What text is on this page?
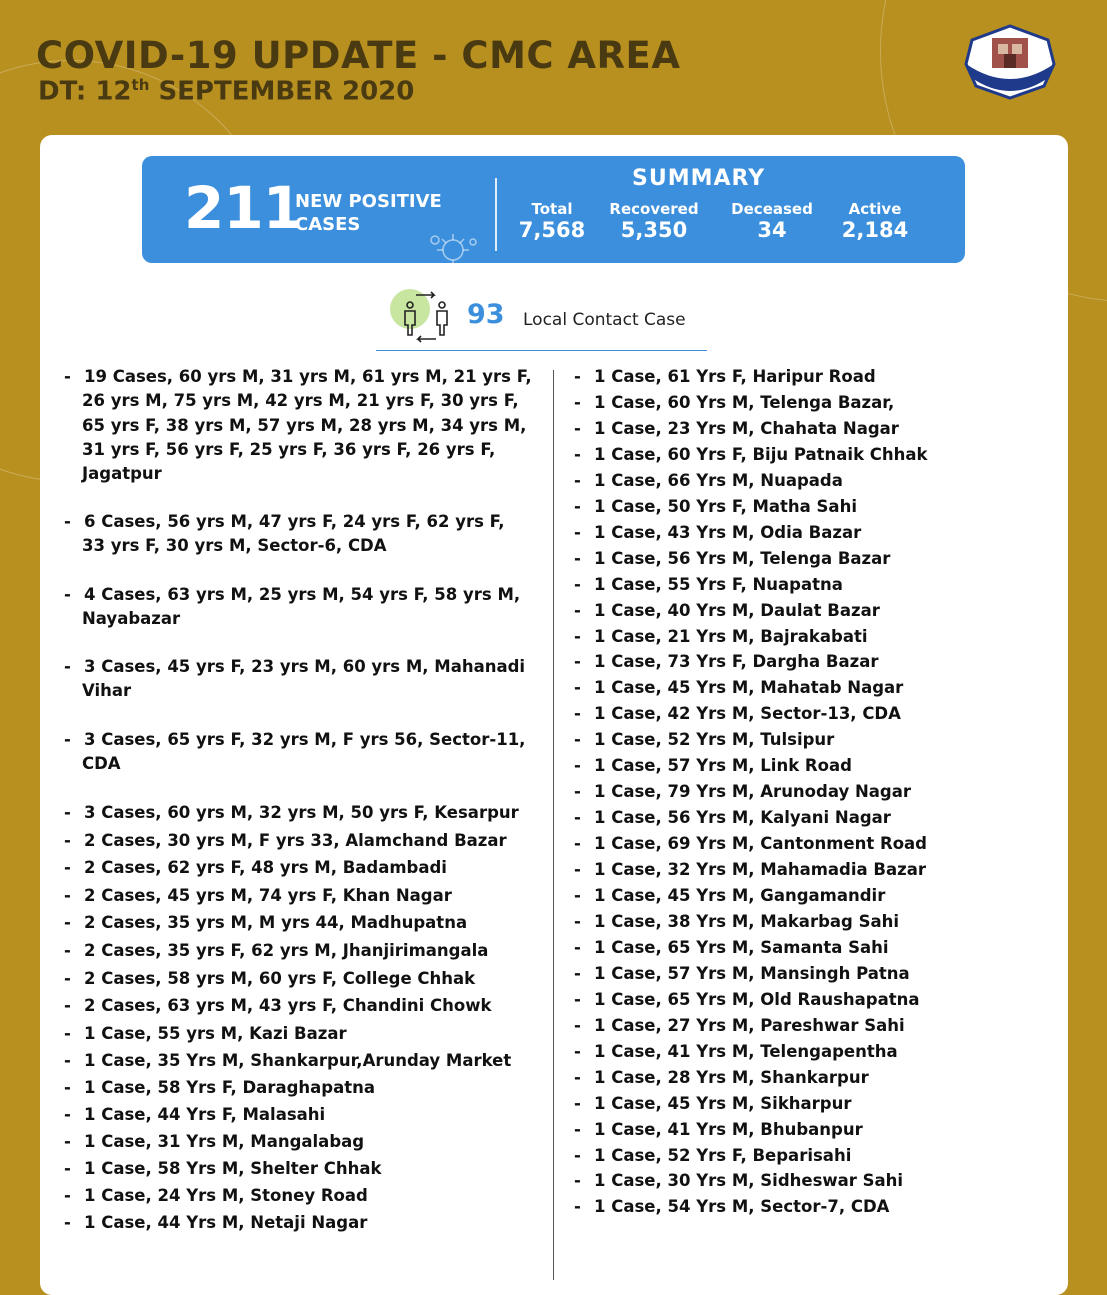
COVID-19 UPDATE - CMC AREA
DT: 12th SEPTEMBER 2020
211
NEW POSITIVE
CASES
SUMMARY
Total
7,568
Recovered
5,350
Deceased
34
Active
2,184
93 Local Contact Case
- 19 Cases, 60 yrs M, 31 yrs M, 61 yrs M, 21 yrs F,
26 yrs M, 75 yrs M, 42 yrs M, 21 yrs F, 30 yrs F,
65 yrs F, 38 yrs M, 57 yrs M, 28 yrs M, 34 yrs M,
31 yrs F, 56 yrs F, 25 yrs F, 36 yrs F, 26 yrs F,
Jagatpur
- 6 Cases, 56 yrs M, 47 yrs F, 24 yrs F, 62 yrs F,
33 yrs F, 30 yrs M, Sector-6, CDA
- 4 Cases, 63 yrs M, 25 yrs M, 54 yrs F, 58 yrs M,
Nayabazar
- 3 Cases, 45 yrs F, 23 yrs M, 60 yrs M, Mahanadi
Vihar
- 3 Cases, 65 yrs F, 32 yrs M, F yrs 56, Sector-11,
CDA
- 3 Cases, 60 yrs M, 32 yrs M, 50 yrs F, Kesarpur
- 2 Cases, 30 yrs M, F yrs 33, Alamchand Bazar
- 2 Cases, 62 yrs F, 48 yrs M, Badambadi
- 2 Cases, 45 yrs M, 74 yrs F, Khan Nagar
- 2 Cases, 35 yrs M, M yrs 44, Madhupatna
- 2 Cases, 35 yrs F, 62 yrs M, Jhanjirimangala
- 2 Cases, 58 yrs M, 60 yrs F, College Chhak
- 2 Cases, 63 yrs M, 43 yrs F, Chandini Chowk
- 1 Case, 55 yrs M, Kazi Bazar
- 1 Case, 35 Yrs M, Shankarpur,Arunday Market
- 1 Case, 58 Yrs F, Daraghapatna
- 1 Case, 44 Yrs F, Malasahi
- 1 Case, 31 Yrs M, Mangalabag
- 1 Case, 58 Yrs M, Shelter Chhak
- 1 Case, 24 Yrs M, Stoney Road
- 1 Case, 44 Yrs M, Netaji Nagar
- 1 Case, 61 Yrs F, Haripur Road
- 1 Case, 60 Yrs M, Telenga Bazar,
- 1 Case, 23 Yrs M, Chahata Nagar
- 1 Case, 60 Yrs F, Biju Patnaik Chhak
- 1 Case, 66 Yrs M, Nuapada
- 1 Case, 50 Yrs F, Matha Sahi
- 1 Case, 43 Yrs M, Odia Bazar
- 1 Case, 56 Yrs M, Telenga Bazar
- 1 Case, 55 Yrs F, Nuapatna
- 1 Case, 40 Yrs M, Daulat Bazar
- 1 Case, 21 Yrs M, Bajrakabati
- 1 Case, 73 Yrs F, Dargha Bazar
- 1 Case, 45 Yrs M, Mahatab Nagar
- 1 Case, 42 Yrs M, Sector-13, CDA
- 1 Case, 52 Yrs M, Tulsipur
- 1 Case, 57 Yrs M, Link Road
- 1 Case, 79 Yrs M, Arunoday Nagar
- 1 Case, 56 Yrs M, Kalyani Nagar
- 1 Case, 69 Yrs M, Cantonment Road
- 1 Case, 32 Yrs M, Mahamadia Bazar
- 1 Case, 45 Yrs M, Gangamandir
- 1 Case, 38 Yrs M, Makarbag Sahi
- 1 Case, 65 Yrs M, Samanta Sahi
- 1 Case, 57 Yrs M, Mansingh Patna
- 1 Case, 65 Yrs M, Old Raushapatna
- 1 Case, 27 Yrs M, Pareshwar Sahi
- 1 Case, 41 Yrs M, Telengapentha
- 1 Case, 28 Yrs M, Shankarpur
- 1 Case, 45 Yrs M, Sikharpur
- 1 Case, 41 Yrs M, Bhubanpur
- 1 Case, 52 Yrs F, Beparisahi
- 1 Case, 30 Yrs M, Sidheswar Sahi
- 1 Case, 54 Yrs M, Sector-7, CDA
